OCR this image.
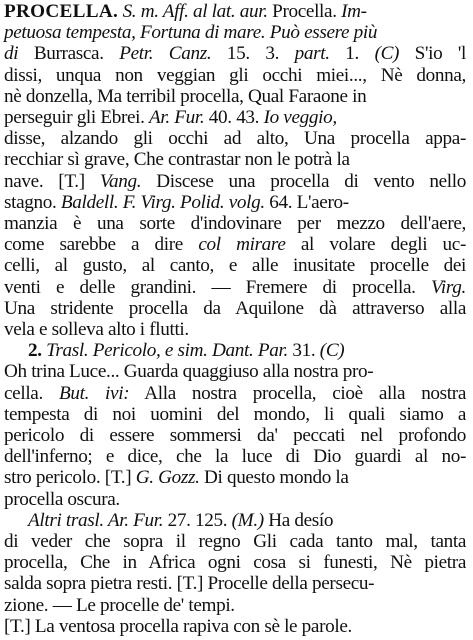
PROCELLA. S. m. Aff. al lat. aur. Procella. Im-
petuosa tempesta, Fortuna di mare. Può essere più
di Burrasca. Petr. Canz. 15. 3. part. 1. (C) S'io 'l
dissi, unqua non veggian gli occhi miei..., Nè donna,
nè donzella, Ma terribil procella, Qual Faraone in
perseguir gli Ebrei. Ar. Fur. 40. 43. Io veggio,
disse, alzando gli occhi ad alto, Una procella appa-
recchiar sì grave, Che contrastar non le potrà la
nave. [T.] Vang. Discese una procella di vento nello
stagno. Baldell. F. Virg. Polid. volg. 64. L'aero-
manzia è una sorte d'indovinare per mezzo dell'aere,
come sarebbe a dire col mirare al volare degli uc-
celli, al gusto, al canto, e alle inusitate procelle dei
venti e delle grandini. — Fremere di procella. Virg.
Una stridente procella da Aquilone dà attraverso alla
vela e solleva alto i flutti.
2. Trasl. Pericolo, e sim. Dant. Par. 31. (C)
Oh trina Luce... Guarda quaggiuso alla nostra pro-
cella. But. ivi: Alla nostra procella, cioè alla nostra
tempesta di noi uomini del mondo, li quali siamo a
pericolo di essere sommersi da' peccati nel profondo
dell'inferno; e dice, che la luce di Dio guardi al no-
stro pericolo. [T.] G. Gozz. Di questo mondo la
procella oscura.
Altri trasl. Ar. Fur. 27. 125. (M.) Ha desío
di veder che sopra il regno Gli cada tanto mal, tanta
procella, Che in Africa ogni cosa si funesti, Nè pietra
salda sopra pietra resti. [T.] Procelle della persecu-
zione. — Le procelle de' tempi.
[T.] La ventosa procella rapiva con sè le parole.
